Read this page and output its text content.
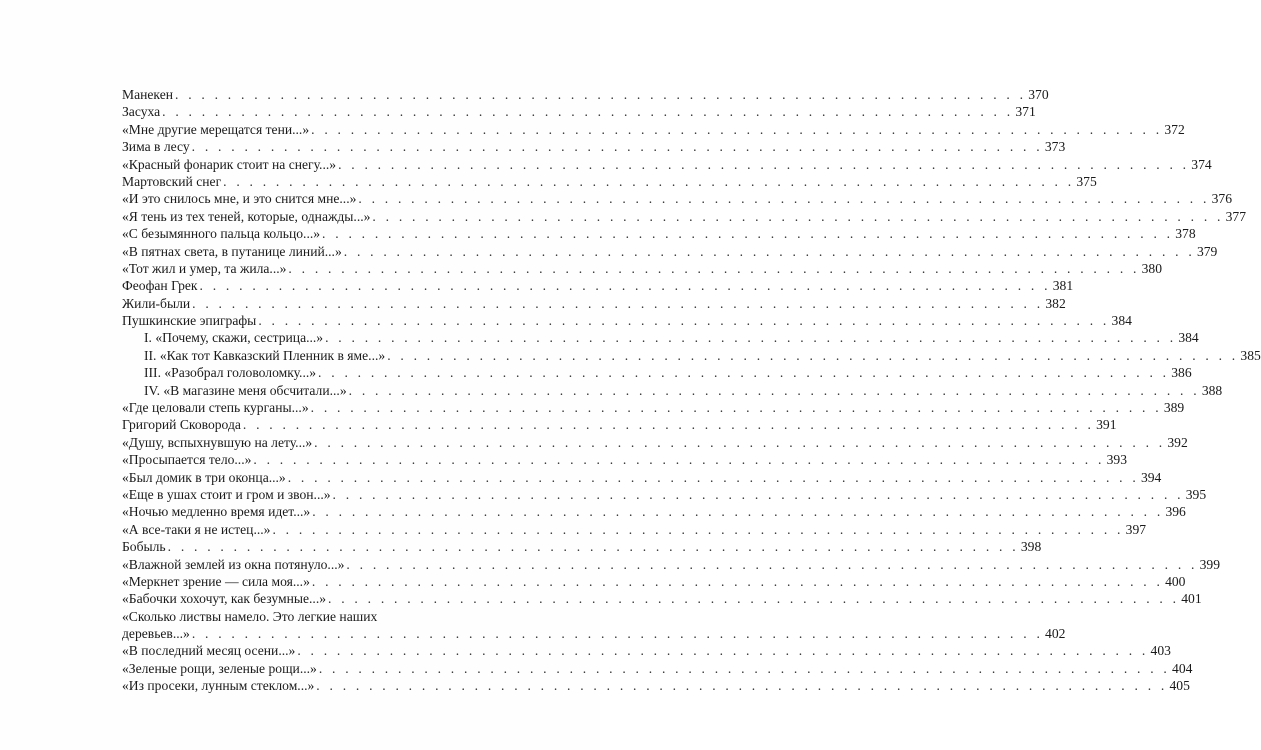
Манекен . . . . . . . . . . . . . . . . . . . . . . . . . . . . . . . . . . . . . . . . . . . . . . . . . . . . . . . . . . . . . . . . . 370
Засуха . . . . . . . . . . . . . . . . . . . . . . . . . . . . . . . . . . . . . . . . . . . . . . . . . . . . . . . . . . . . . . . . . 371
«Мне другие мерещатся тени...» . . . . . . . . . . . . . . . . . . . . . . . . . . . . . . . . . . . . . . . . . . . . . . . . . . . . . . . . . . . . . . . . . 372
Зима в лесу . . . . . . . . . . . . . . . . . . . . . . . . . . . . . . . . . . . . . . . . . . . . . . . . . . . . . . . . . . . . . . . . . 373
«Красный фонарик стоит на снегу...» . . . . . . . . . . . . . . . . . . . . . . . . . . . . . . . . . . . . . . . . . . . . . . . . . . . . . . . . . . . . . . . . . 374
Мартовский снег . . . . . . . . . . . . . . . . . . . . . . . . . . . . . . . . . . . . . . . . . . . . . . . . . . . . . . . . . . . . . . . . . 375
«И это снилось мне, и это снится мне...» . . . . . . . . . . . . . . . . . . . . . . . . . . . . . . . . . . . . . . . . . . . . . . . . . . . . . . . . . . . . . . . . . 376
«Я тень из тех теней, которые, однажды...» . . . . . . . . . . . . . . . . . . . . . . . . . . . . . . . . . . . . . . . . . . . . . . . . . . . . . . . . . . . . . . . . . 377
«С безымянного пальца кольцо...» . . . . . . . . . . . . . . . . . . . . . . . . . . . . . . . . . . . . . . . . . . . . . . . . . . . . . . . . . . . . . . . . . 378
«В пятнах света, в путанице линий...» . . . . . . . . . . . . . . . . . . . . . . . . . . . . . . . . . . . . . . . . . . . . . . . . . . . . . . . . . . . . . . . . . 379
«Тот жил и умер, та жила...» . . . . . . . . . . . . . . . . . . . . . . . . . . . . . . . . . . . . . . . . . . . . . . . . . . . . . . . . . . . . . . . . . 380
Феофан Грек . . . . . . . . . . . . . . . . . . . . . . . . . . . . . . . . . . . . . . . . . . . . . . . . . . . . . . . . . . . . . . . . . 381
Жили-были . . . . . . . . . . . . . . . . . . . . . . . . . . . . . . . . . . . . . . . . . . . . . . . . . . . . . . . . . . . . . . . . . 382
Пушкинские эпиграфы . . . . . . . . . . . . . . . . . . . . . . . . . . . . . . . . . . . . . . . . . . . . . . . . . . . . . . . . . . . . . . . . . 384
I. «Почему, скажи, сестрица...» . . . . . . . . . . . . . . . . . . . . . . . . . . . . . . . . . . . . . . . . . . . . . . . . . . . . . . . . . . . . . . . . . 384
II. «Как тот Кавказский Пленник в яме...» . . . . . . . . . . . . . . . . . . . . . . . . . . . . . . . . . . . . . . . . . . . . . . . . . . . . . . . . . . . . . . . . . 385
III. «Разобрал головоломку...» . . . . . . . . . . . . . . . . . . . . . . . . . . . . . . . . . . . . . . . . . . . . . . . . . . . . . . . . . . . . . . . . . 386
IV. «В магазине меня обсчитали...» . . . . . . . . . . . . . . . . . . . . . . . . . . . . . . . . . . . . . . . . . . . . . . . . . . . . . . . . . . . . . . . . . 388
«Где целовали степь курганы...» . . . . . . . . . . . . . . . . . . . . . . . . . . . . . . . . . . . . . . . . . . . . . . . . . . . . . . . . . . . . . . . . . 389
Григорий Сковорода . . . . . . . . . . . . . . . . . . . . . . . . . . . . . . . . . . . . . . . . . . . . . . . . . . . . . . . . . . . . . . . . . 391
«Душу, вспыхнувшую на лету...» . . . . . . . . . . . . . . . . . . . . . . . . . . . . . . . . . . . . . . . . . . . . . . . . . . . . . . . . . . . . . . . . . 392
«Просыпается тело...» . . . . . . . . . . . . . . . . . . . . . . . . . . . . . . . . . . . . . . . . . . . . . . . . . . . . . . . . . . . . . . . . . 393
«Был домик в три оконца...» . . . . . . . . . . . . . . . . . . . . . . . . . . . . . . . . . . . . . . . . . . . . . . . . . . . . . . . . . . . . . . . . . 394
«Еще в ушах стоит и гром и звон...» . . . . . . . . . . . . . . . . . . . . . . . . . . . . . . . . . . . . . . . . . . . . . . . . . . . . . . . . . . . . . . . . . 395
«Ночью медленно время идет...» . . . . . . . . . . . . . . . . . . . . . . . . . . . . . . . . . . . . . . . . . . . . . . . . . . . . . . . . . . . . . . . . . 396
«А все-таки я не истец...» . . . . . . . . . . . . . . . . . . . . . . . . . . . . . . . . . . . . . . . . . . . . . . . . . . . . . . . . . . . . . . . . . 397
Бобыль . . . . . . . . . . . . . . . . . . . . . . . . . . . . . . . . . . . . . . . . . . . . . . . . . . . . . . . . . . . . . . . . . 398
«Влажной землей из окна потянуло...» . . . . . . . . . . . . . . . . . . . . . . . . . . . . . . . . . . . . . . . . . . . . . . . . . . . . . . . . . . . . . . . . . 399
«Меркнет зрение — сила моя...» . . . . . . . . . . . . . . . . . . . . . . . . . . . . . . . . . . . . . . . . . . . . . . . . . . . . . . . . . . . . . . . . . 400
«Бабочки хохочут, как безумные...» . . . . . . . . . . . . . . . . . . . . . . . . . . . . . . . . . . . . . . . . . . . . . . . . . . . . . . . . . . . . . . . . . 401
«Сколько листвы намело. Это легкие наших
деревьев...» . . . . . . . . . . . . . . . . . . . . . . . . . . . . . . . . . . . . . . . . . . . . . . . . . . . . . . . . . . . . . . . . . 402
«В последний месяц осени...» . . . . . . . . . . . . . . . . . . . . . . . . . . . . . . . . . . . . . . . . . . . . . . . . . . . . . . . . . . . . . . . . . 403
«Зеленые рощи, зеленые рощи...» . . . . . . . . . . . . . . . . . . . . . . . . . . . . . . . . . . . . . . . . . . . . . . . . . . . . . . . . . . . . . . . . . 404
«Из просеки, лунным стеклом...» . . . . . . . . . . . . . . . . . . . . . . . . . . . . . . . . . . . . . . . . . . . . . . . . . . . . . . . . . . . . . . . . . 405
